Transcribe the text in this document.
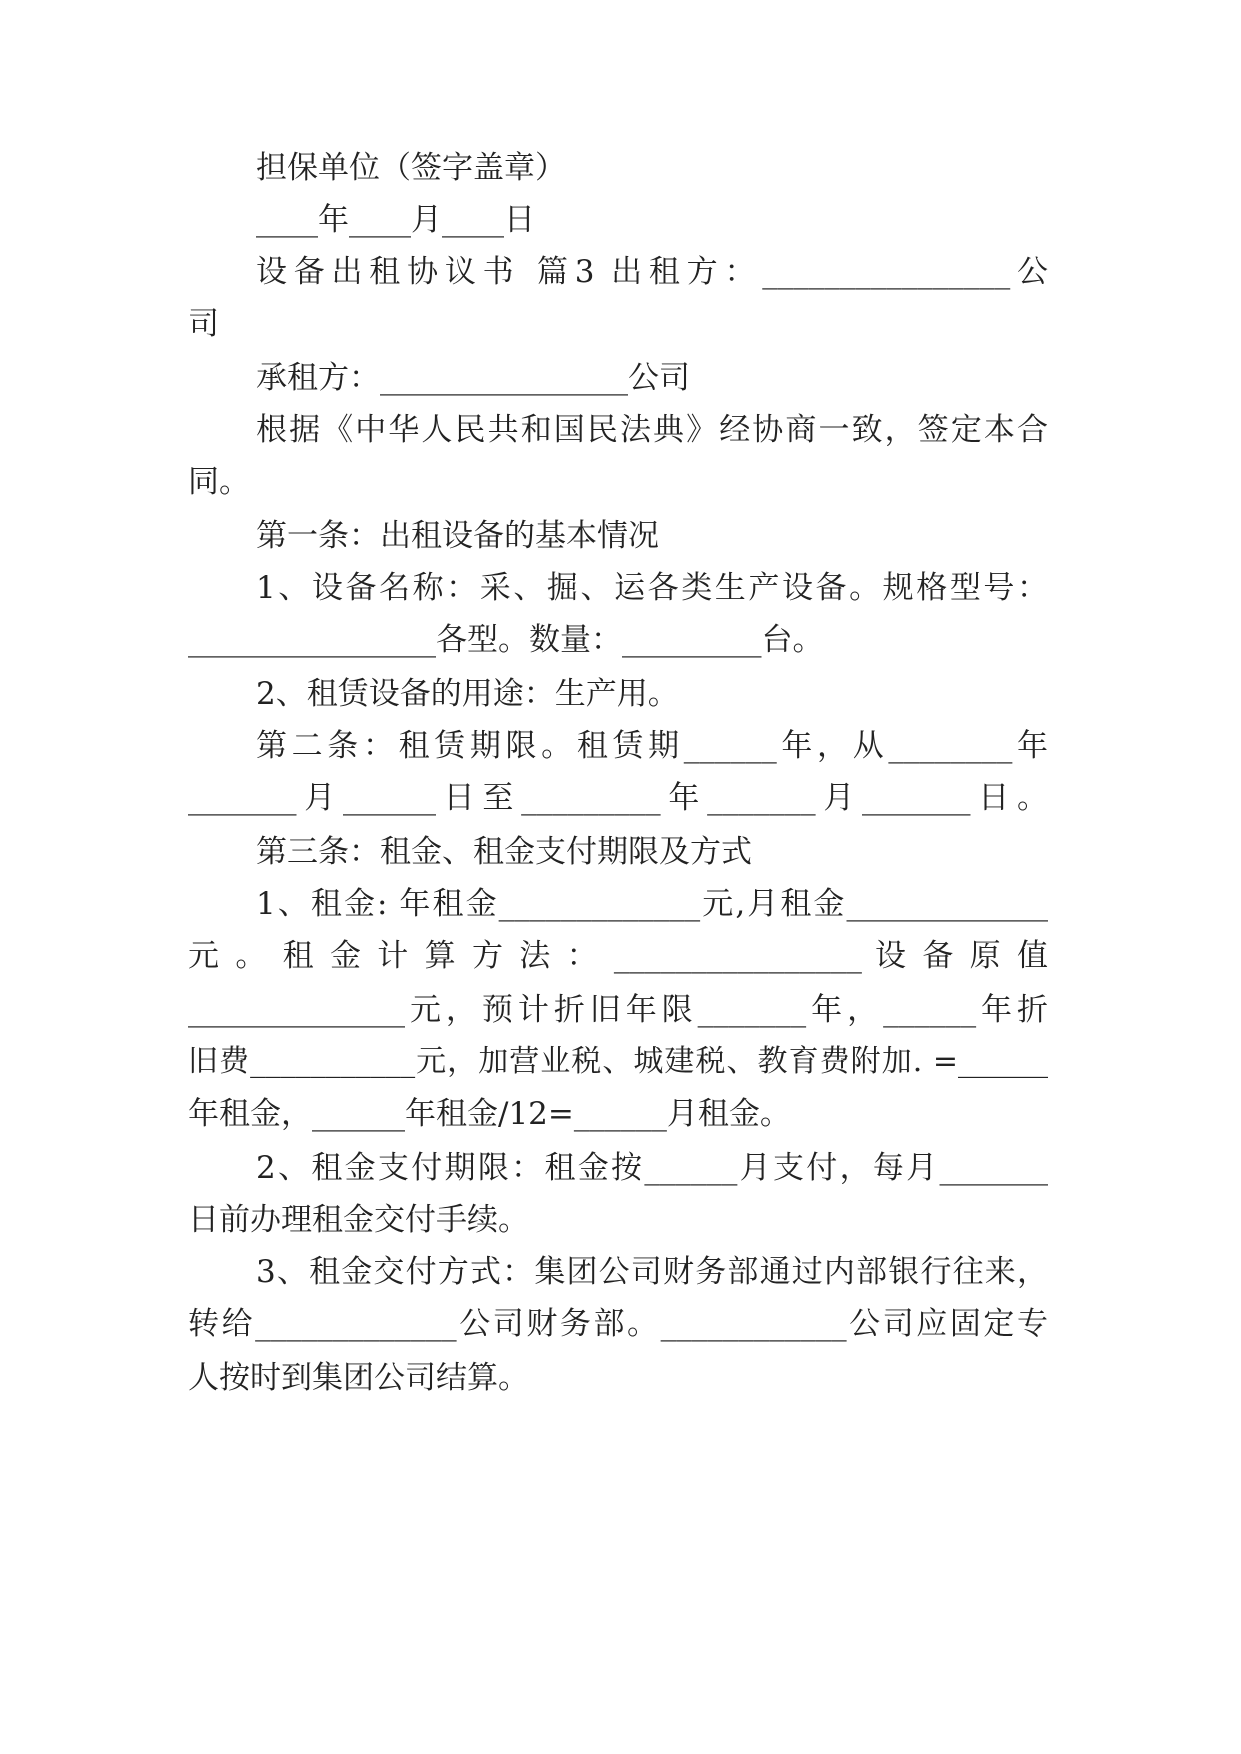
担保单位（签字盖章）
____年____月____日
设备出租协议书 篇3 出租方：________________公
司
承租方：________________公司
根据《中华人民共和国民法典》经协商一致，签定本合
同。
第一条：出租设备的基本情况
1、设备名称：采、掘、运各类生产设备。规格型号：
________________各型。数量：_________台。
2、租赁设备的用途：生产用。
第二条：租赁期限。租赁期______年，从________年
_______月______日至_________年_______月_______日。
第三条：租金、租金支付期限及方式
1、租金: 年租金_____________元,月租金_____________
元 。 租 金 计 算 方 法 ： ________________ 设 备 原 值
______________元，预计折旧年限_______年，______年折
旧费___________元，加营业税、城建税、教育费附加. =______
年租金，______年租金/12=______月租金。
2、租金支付期限：租金按______月支付，每月_______
日前办理租金交付手续。
3、租金交付方式：集团公司财务部通过内部银行往来，
转给_____________公司财务部。____________公司应固定专
人按时到集团公司结算。
